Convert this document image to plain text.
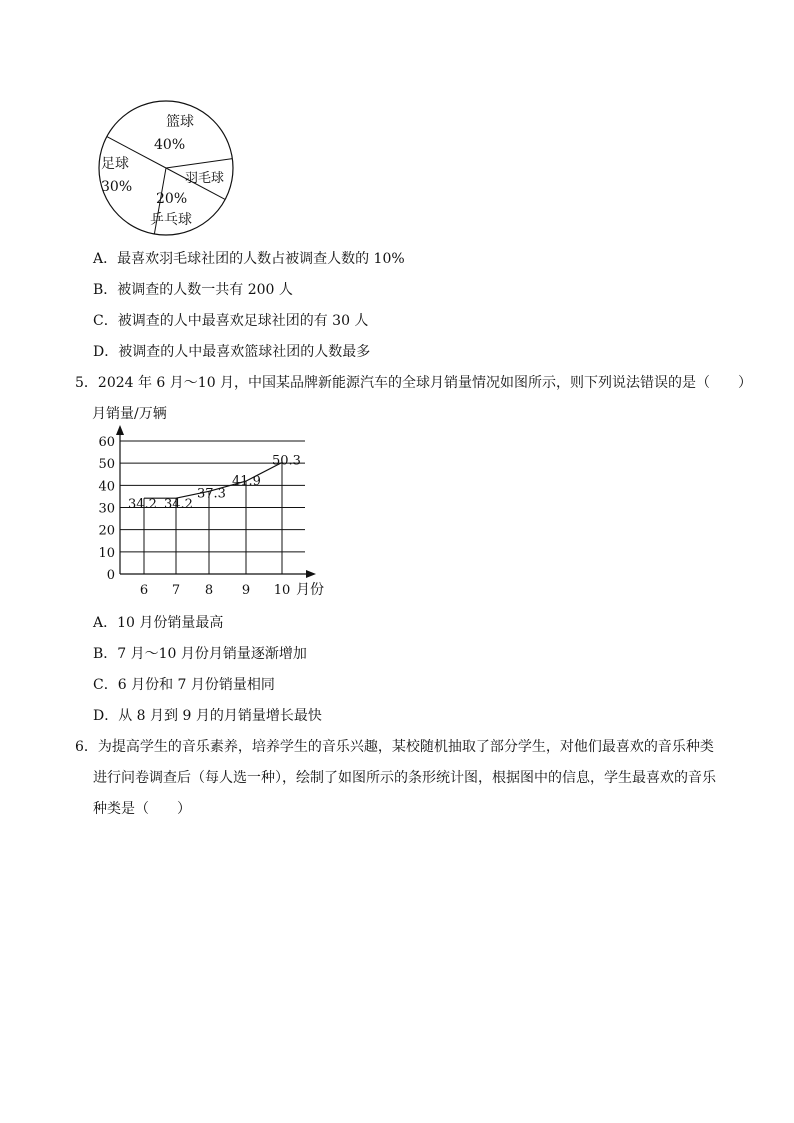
篮球
40%
羽毛球
20%
乒乓球
足球
30%
A．最喜欢羽毛球社团的人数占被调查人数的 10%
B．被调查的人数一共有 200 人
C．被调查的人中最喜欢足球社团的有 30 人
D．被调查的人中最喜欢篮球社团的人数最多
5．2024 年 6 月～10 月，中国某品牌新能源汽车的全球月销量情况如图所示，则下列说法错误的是（　　）
月销量/万辆
0
10
20
30
40
50
60
6 7 8 9 10
34.2 34.2
37.3
41.9
50.3
月份
A．10 月份销量最高
B．7 月～10 月份月销量逐渐增加
C．6 月份和 7 月份销量相同
D．从 8 月到 9 月的月销量增长最快
6．为提高学生的音乐素养，培养学生的音乐兴趣，某校随机抽取了部分学生，对他们最喜欢的音乐种类
进行问卷调查后（每人选一种），绘制了如图所示的条形统计图，根据图中的信息，学生最喜欢的音乐
种类是（　　）
